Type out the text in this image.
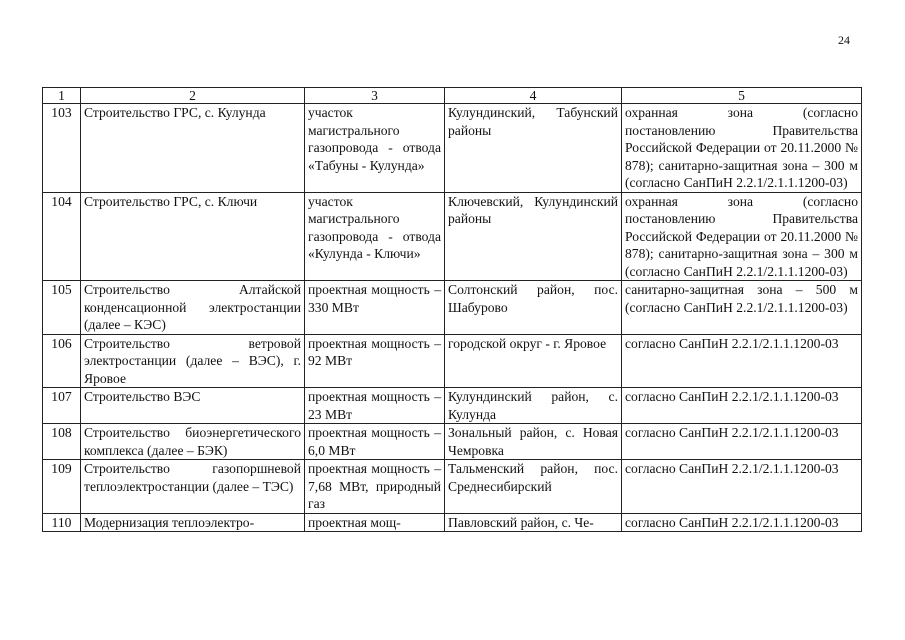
24
1	2	3	4	5
103	Строительство ГРС, с. Кулунда	участок магистрального газопровода - отвода «Табуны - Кулунда»	Кулундинский, Табунский районы	охранная зона (согласно постановлению Правительства Российской Федерации от 20.11.2000 № 878); санитарно-защитная зона – 300 м (согласно СанПиН 2.2.1/2.1.1.1200-03)
104	Строительство ГРС, с. Ключи	участок магистрального газопровода - отвода «Кулунда - Ключи»	Ключевский, Кулундинский районы	охранная зона (согласно постановлению Правительства Российской Федерации от 20.11.2000 № 878); санитарно-защитная зона – 300 м (согласно СанПиН 2.2.1/2.1.1.1200-03)
105	Строительство Алтайской конденсационной электростанции (далее – КЭС)	проектная мощность – 330 МВт	Солтонский район, пос. Шабурово	санитарно-защитная зона – 500 м (согласно СанПиН 2.2.1/2.1.1.1200-03)
106	Строительство ветровой электростанции (далее – ВЭС), г. Яровое	проектная мощность – 92 МВт	городской округ - г. Яровое	согласно СанПиН 2.2.1/2.1.1.1200-03
107	Строительство ВЭС	проектная мощность – 23 МВт	Кулундинский район, с. Кулунда	согласно СанПиН 2.2.1/2.1.1.1200-03
108	Строительство биоэнергетического комплекса (далее – БЭК)	проектная мощность – 6,0 МВт	Зональный район, с. Новая Чемровка	согласно СанПиН 2.2.1/2.1.1.1200-03
109	Строительство газопоршневой теплоэлектростанции (далее – ТЭС)	проектная мощность – 7,68 МВт, природный газ	Тальменский район, пос. Среднесибирский	согласно СанПиН 2.2.1/2.1.1.1200-03
110	Модернизация теплоэлектро-	проектная мощ-	Павловский район, с. Че-	согласно СанПиН 2.2.1/2.1.1.1200-03
